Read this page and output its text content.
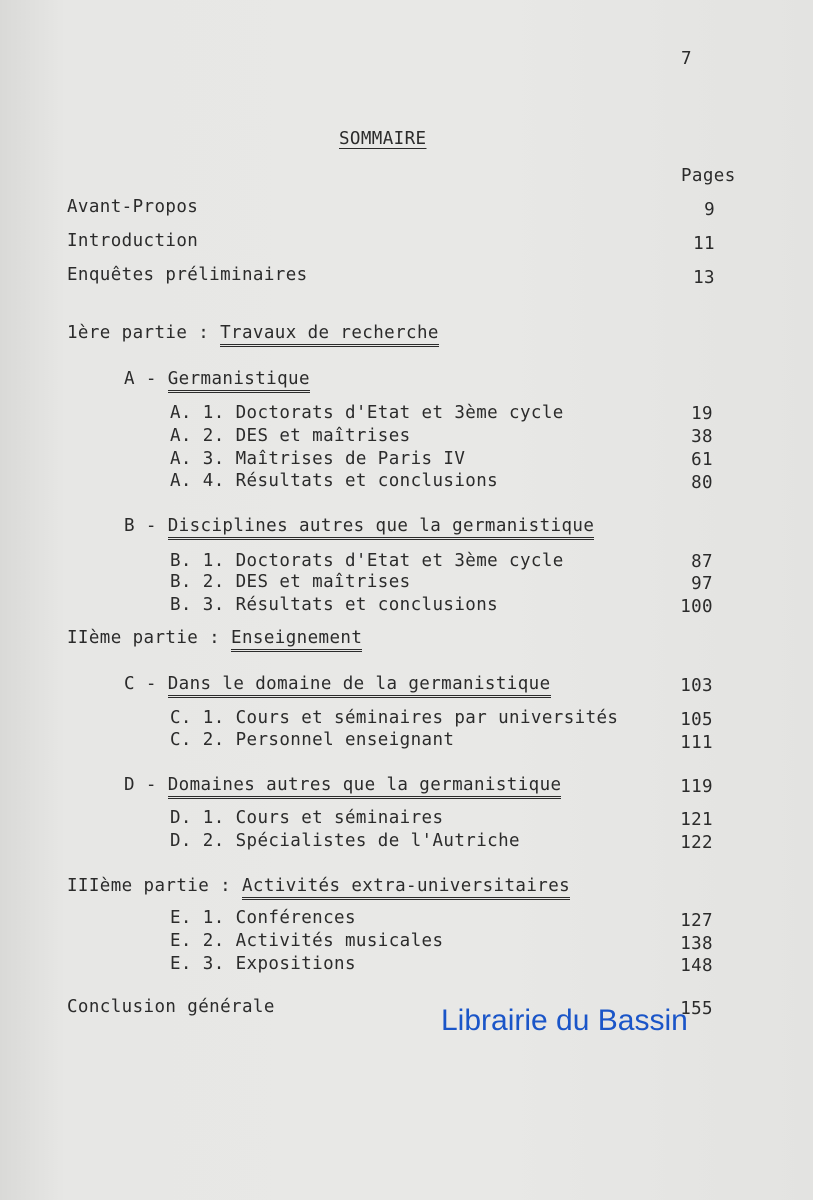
7
SOMMAIRE
Pages
Avant-Propos	9
Introduction	11
Enquêtes préliminaires	13
1ère partie : Travaux de recherche
A - Germanistique
A. 1. Doctorats d'Etat et 3ème cycle	19
A. 2. DES et maîtrises	38
A. 3. Maîtrises de Paris IV	61
A. 4. Résultats et conclusions	80
B - Disciplines autres que la germanistique
B. 1. Doctorats d'Etat et 3ème cycle	87
B. 2. DES et maîtrises	97
B. 3. Résultats et conclusions	100
IIème partie : Enseignement
C - Dans le domaine de la germanistique	103
C. 1. Cours et séminaires par universités	105
C. 2. Personnel enseignant	111
D - Domaines autres que la germanistique	119
D. 1. Cours et séminaires	121
D. 2. Spécialistes de l'Autriche	122
IIIème partie : Activités extra-universitaires
E. 1. Conférences	127
E. 2. Activités musicales	138
E. 3. Expositions	148
Conclusion générale	155
Librairie du Bassin
